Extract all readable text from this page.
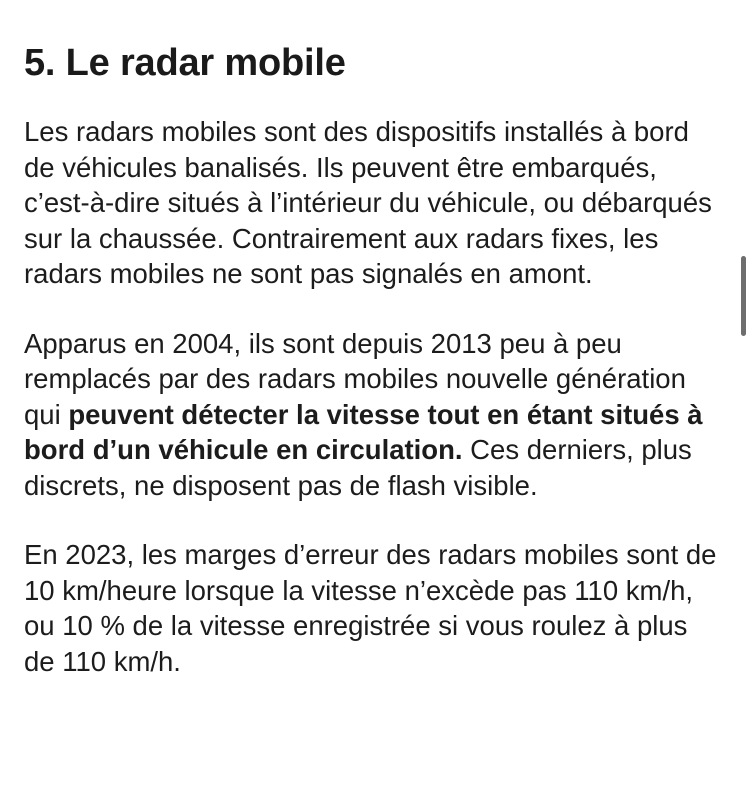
5. Le radar mobile

Les radars mobiles sont des dispositifs installés à bord de véhicules banalisés. Ils peuvent être embarqués, c’est-à-dire situés à l’intérieur du véhicule, ou débarqués sur la chaussée. Contrairement aux radars fixes, les radars mobiles ne sont pas signalés en amont.

Apparus en 2004, ils sont depuis 2013 peu à peu remplacés par des radars mobiles nouvelle génération qui peuvent détecter la vitesse tout en étant situés à bord d’un véhicule en circulation. Ces derniers, plus discrets, ne disposent pas de flash visible.

En 2023, les marges d’erreur des radars mobiles sont de 10 km/heure lorsque la vitesse n’excède pas 110 km/h, ou 10 % de la vitesse enregistrée si vous roulez à plus de 110 km/h.
